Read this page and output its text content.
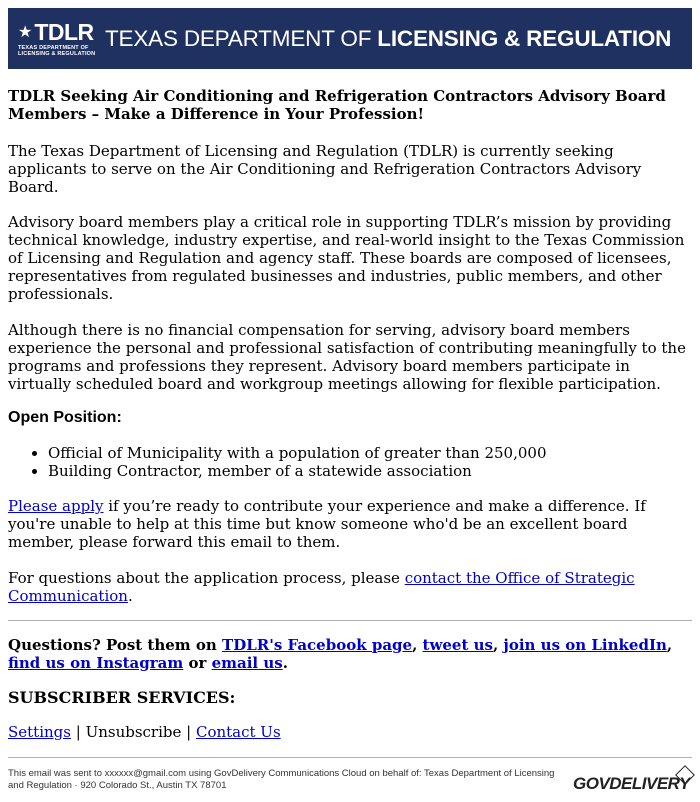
★ TDLR
TEXAS DEPARTMENT OF
LICENSING & REGULATION
TEXAS DEPARTMENT OF LICENSING & REGULATION
TDLR Seeking Air Conditioning and Refrigeration Contractors Advisory Board Members – Make a Difference in Your Profession!

The Texas Department of Licensing and Regulation (TDLR) is currently seeking applicants to serve on the Air Conditioning and Refrigeration Contractors Advisory Board.

Advisory board members play a critical role in supporting TDLR’s mission by providing technical knowledge, industry expertise, and real-world insight to the Texas Commission of Licensing and Regulation and agency staff. These boards are composed of licensees, representatives from regulated businesses and industries, public members, and other professionals.

Although there is no financial compensation for serving, advisory board members experience the personal and professional satisfaction of contributing meaningfully to the programs and professions they represent. Advisory board members participate in virtually scheduled board and workgroup meetings allowing for flexible participation.

Open Position:
• Official of Municipality with a population of greater than 250,000
• Building Contractor, member of a statewide association

Please apply if you’re ready to contribute your experience and make a difference. If you're unable to help at this time but know someone who'd be an excellent board member, please forward this email to them.

For questions about the application process, please contact the Office of Strategic Communication.

Questions? Post them on TDLR's Facebook page, tweet us, join us on LinkedIn, find us on Instagram or email us.
SUBSCRIBER SERVICES:
Settings | Unsubscribe | Contact Us
This email was sent to xxxxxx@gmail.com using GovDelivery Communications Cloud on behalf of: Texas Department of Licensing and Regulation · 920 Colorado St., Austin TX 78701	GOVDELIVERY
